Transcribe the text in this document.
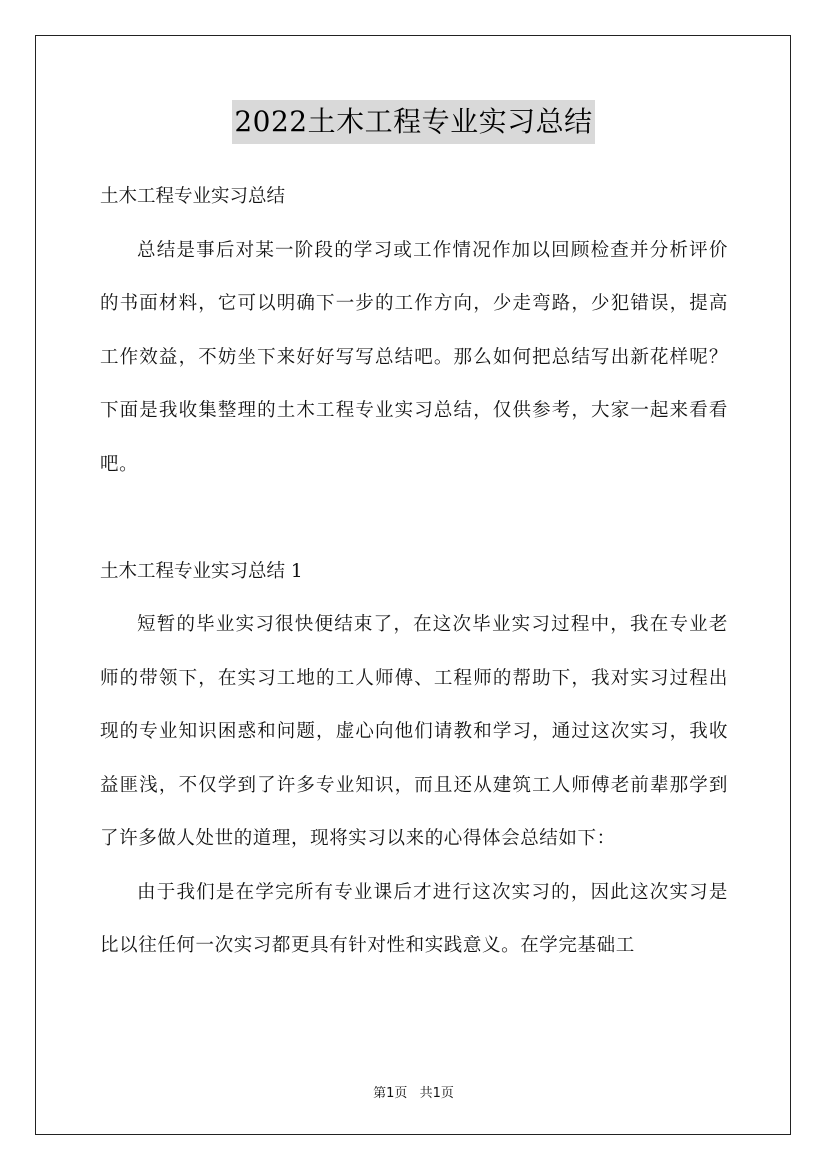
2022土木工程专业实习总结

土木工程专业实习总结

总结是事后对某一阶段的学习或工作情况作加以回顾检查并分析评价的书面材料，它可以明确下一步的工作方向，少走弯路，少犯错误，提高工作效益，不妨坐下来好好写写总结吧。那么如何把总结写出新花样呢？下面是我收集整理的土木工程专业实习总结，仅供参考，大家一起来看看吧。

土木工程专业实习总结 1

短暂的毕业实习很快便结束了，在这次毕业实习过程中，我在专业老师的带领下，在实习工地的工人师傅、工程师的帮助下，我对实习过程出现的专业知识困惑和问题，虚心向他们请教和学习，通过这次实习，我收益匪浅，不仅学到了许多专业知识，而且还从建筑工人师傅老前辈那学到了许多做人处世的道理，现将实习以来的心得体会总结如下：

由于我们是在学完所有专业课后才进行这次实习的，因此这次实习是比以往任何一次实习都更具有针对性和实践意义。在学完基础工

第1页 共1页
